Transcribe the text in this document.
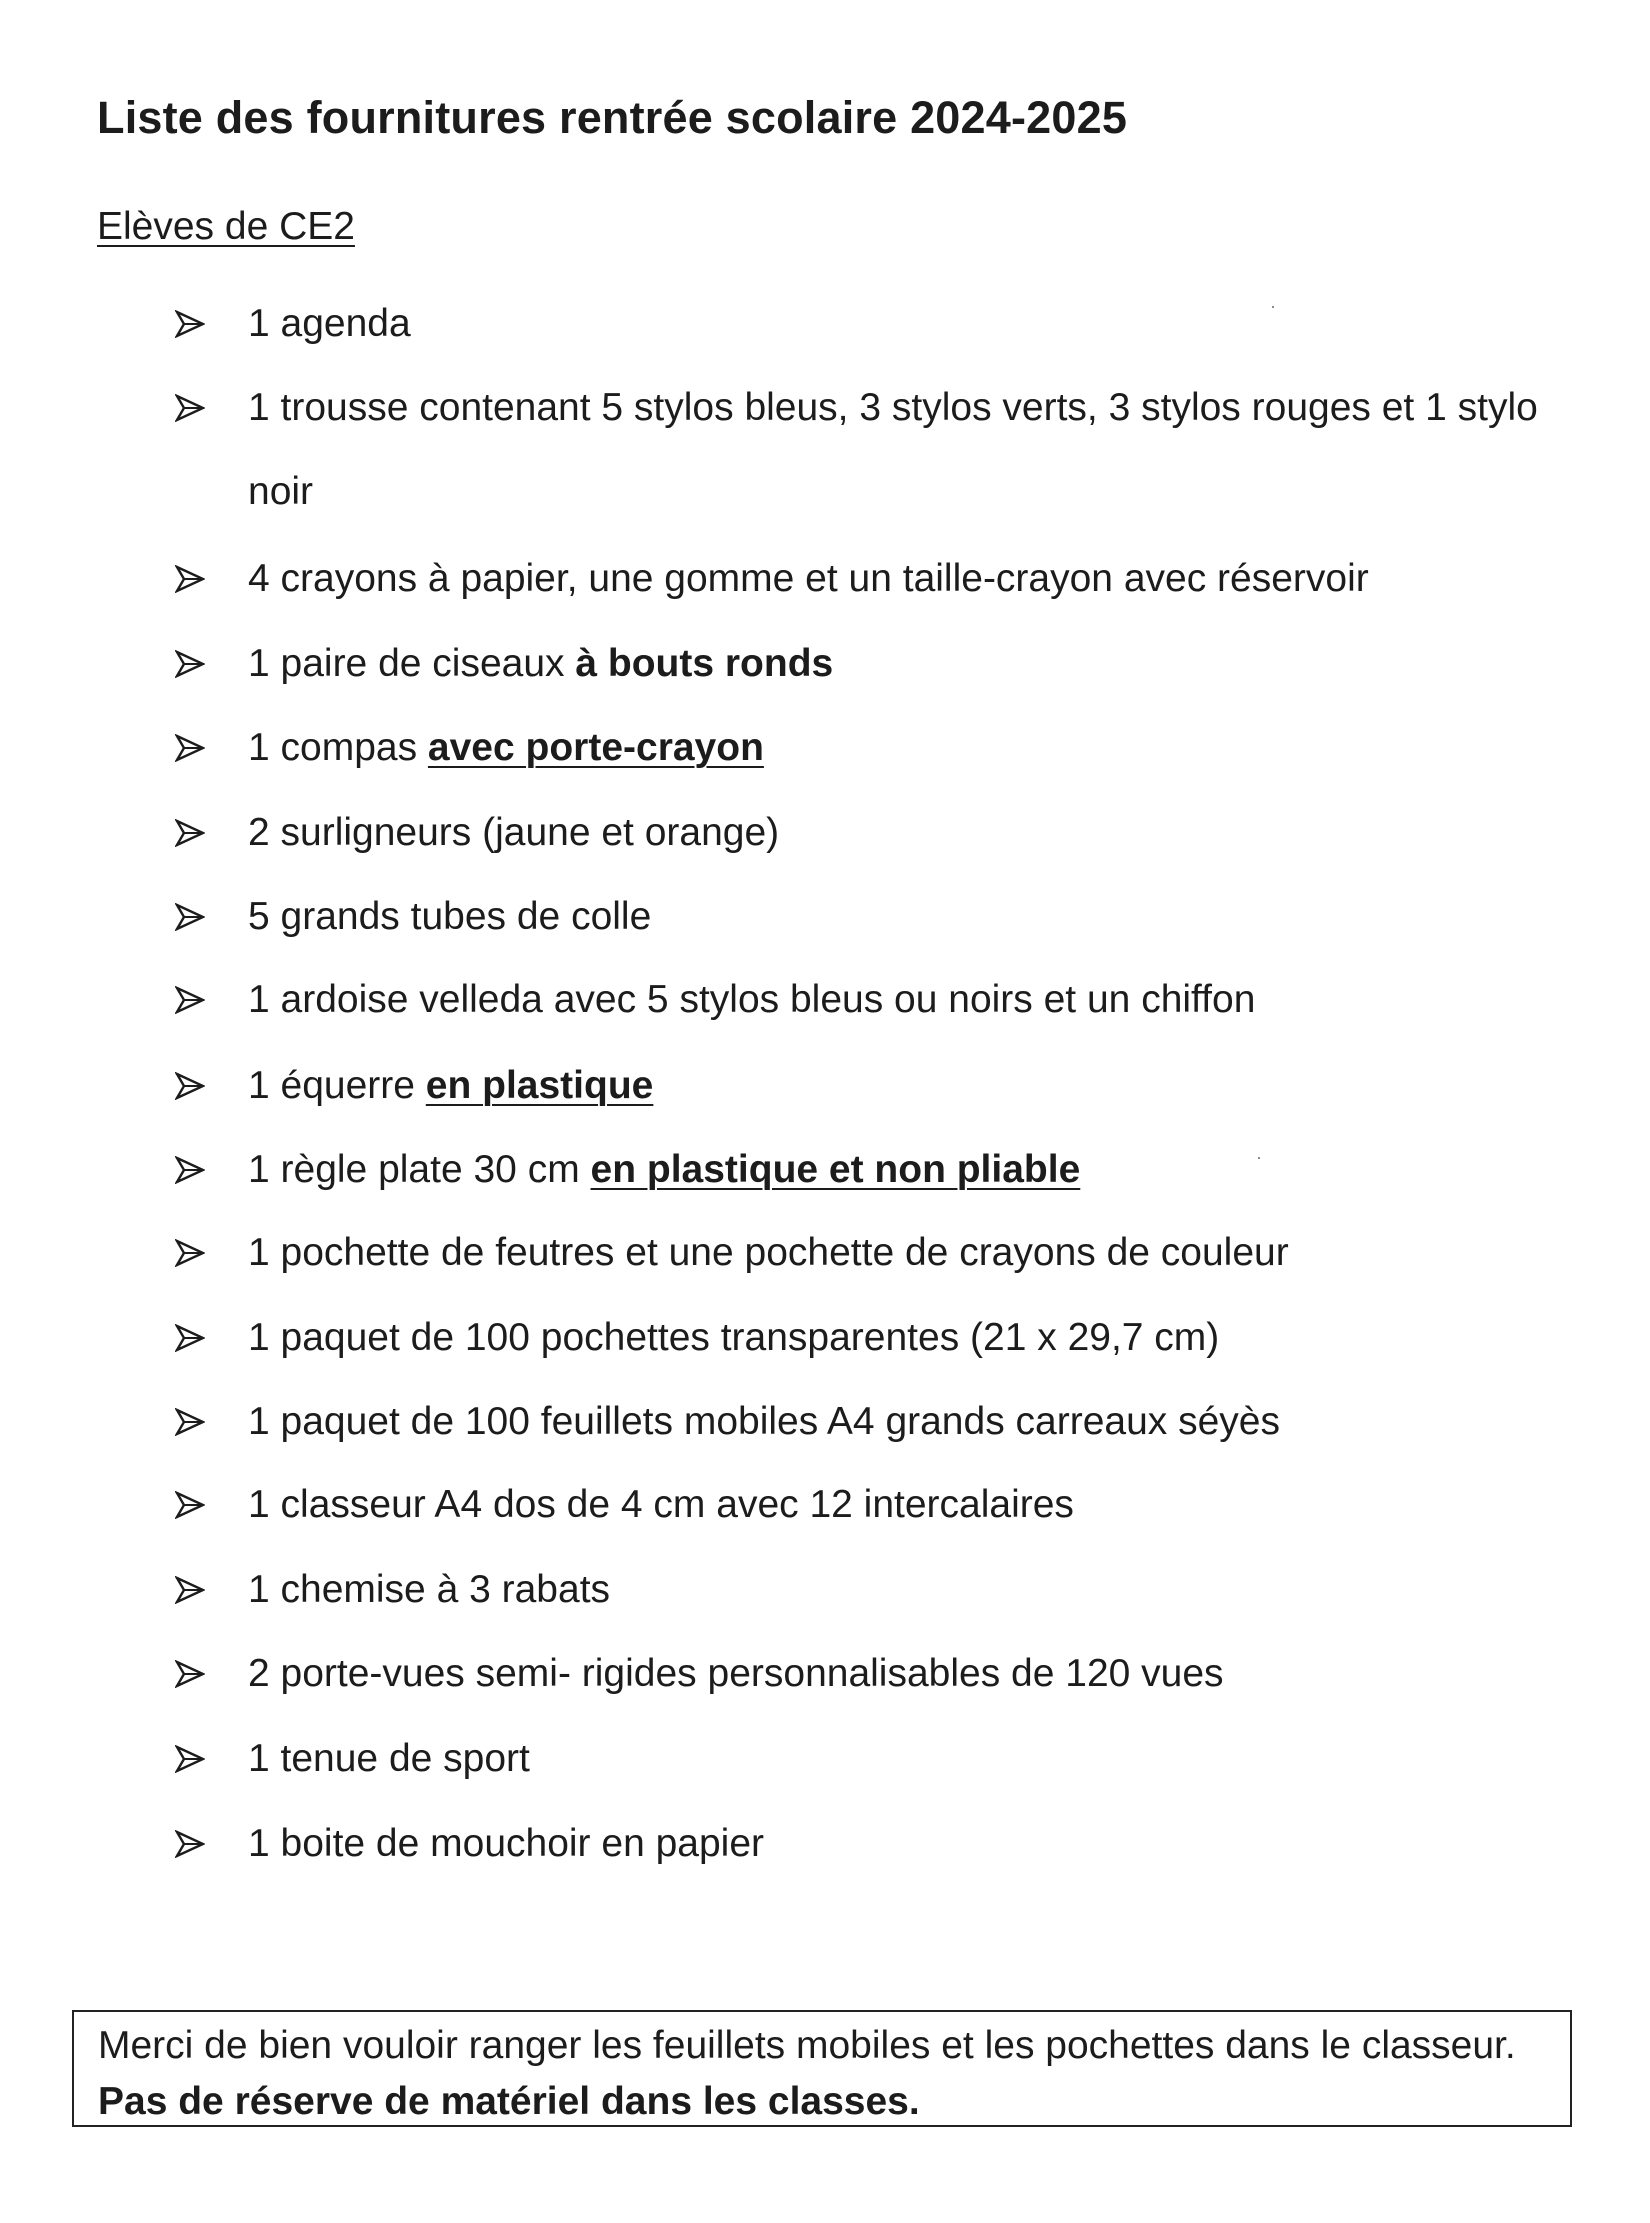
Liste des fournitures rentrée scolaire 2024-2025
Elèves de CE2
1 agenda
1 trousse contenant 5 stylos bleus, 3 stylos verts, 3 stylos rouges et 1 stylo noir
4 crayons à papier, une gomme et un taille-crayon avec réservoir
1 paire de ciseaux à bouts ronds
1 compas avec porte-crayon
2 surligneurs (jaune et orange)
5 grands tubes de colle
1 ardoise velleda avec 5 stylos bleus ou noirs et un chiffon
1 équerre en plastique
1 règle plate 30 cm en plastique et non pliable
1 pochette de feutres et une pochette de crayons de couleur
1 paquet de 100 pochettes transparentes (21 x 29,7 cm)
1 paquet de 100 feuillets mobiles A4 grands carreaux séyès
1 classeur A4 dos de 4 cm avec 12 intercalaires
1 chemise à 3 rabats
2 porte-vues semi- rigides personnalisables de 120 vues
1 tenue de sport
1 boite de mouchoir en papier
Merci de bien vouloir ranger les feuillets mobiles et les pochettes dans le classeur. Pas de réserve de matériel dans les classes.
